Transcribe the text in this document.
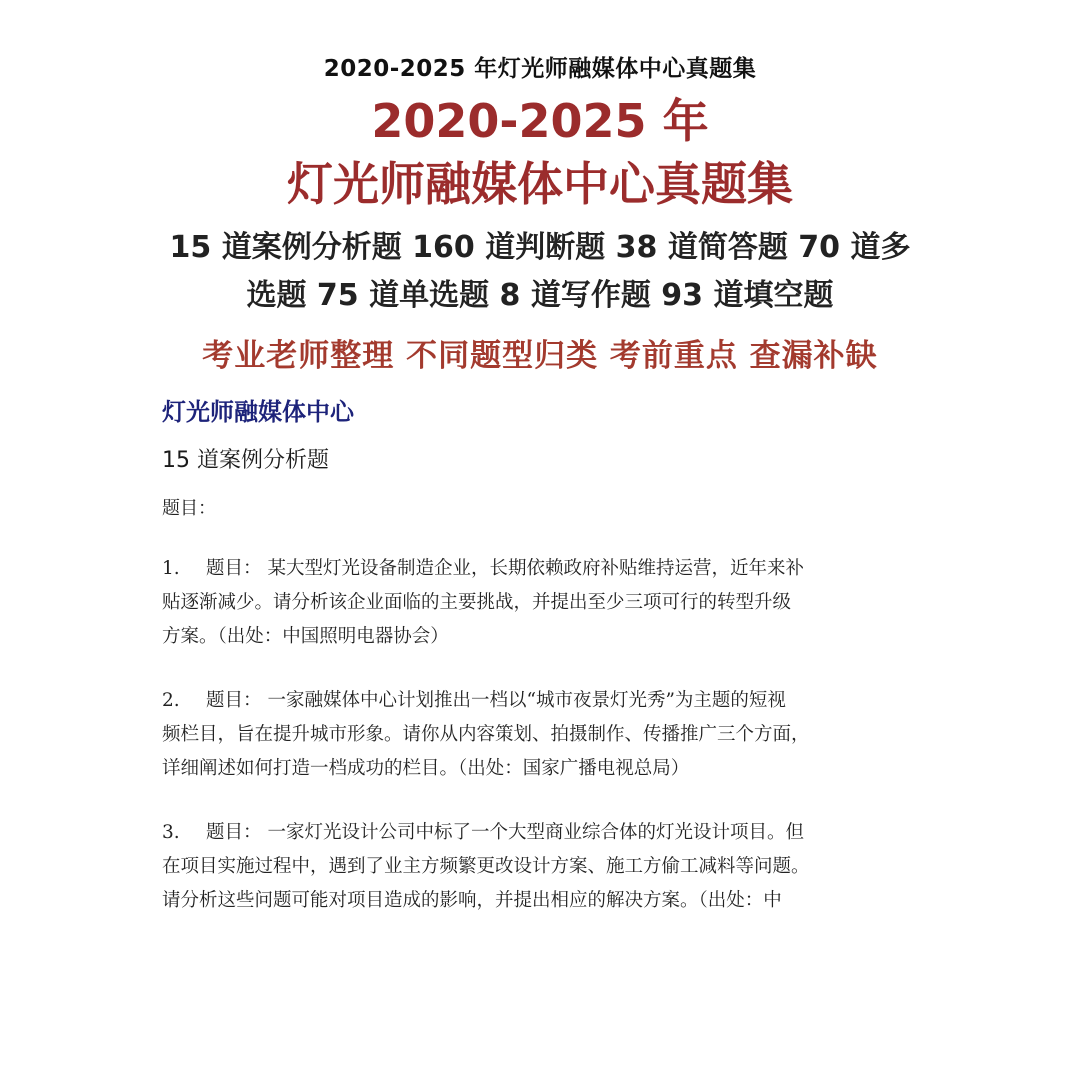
2020-2025 年灯光师融媒体中心真题集
2020-2025 年
灯光师融媒体中心真题集
15 道案例分析题 160 道判断题 38 道简答题 70 道多
选题 75 道单选题 8 道写作题 93 道填空题
考业老师整理 不同题型归类 考前重点 查漏补缺
灯光师融媒体中心
15 道案例分析题
题目：
1. 题目： 某大型灯光设备制造企业，长期依赖政府补贴维持运营，近年来补
贴逐渐减少。请分析该企业面临的主要挑战，并提出至少三项可行的转型升级
方案。（出处：中国照明电器协会）
2. 题目： 一家融媒体中心计划推出一档以“城市夜景灯光秀”为主题的短视
频栏目，旨在提升城市形象。请你从内容策划、拍摄制作、传播推广三个方面，
详细阐述如何打造一档成功的栏目。（出处：国家广播电视总局）
3. 题目： 一家灯光设计公司中标了一个大型商业综合体的灯光设计项目。但
在项目实施过程中，遇到了业主方频繁更改设计方案、施工方偷工减料等问题。
请分析这些问题可能对项目造成的影响，并提出相应的解决方案。（出处：中
